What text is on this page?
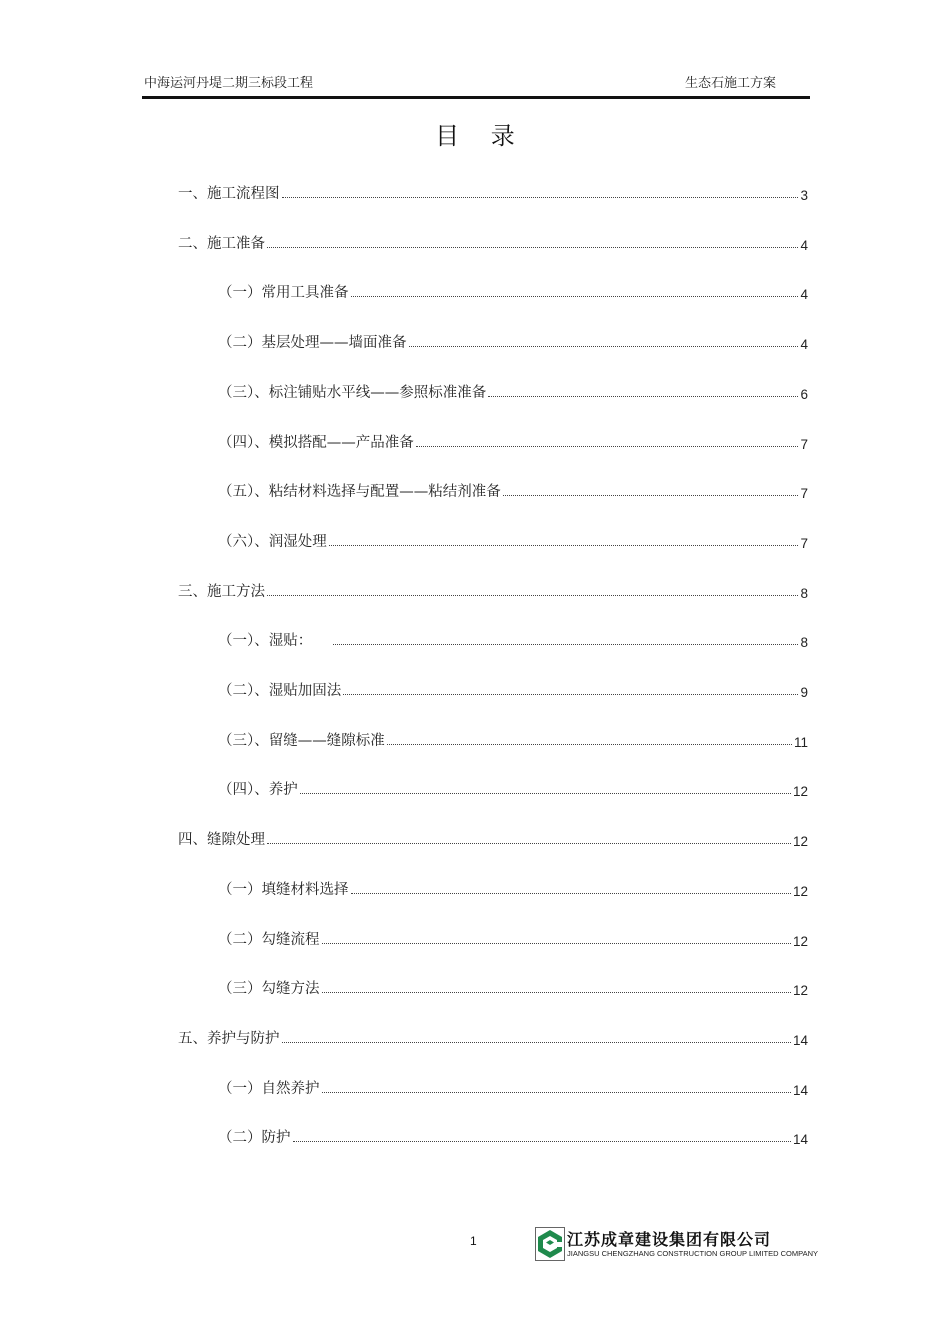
中海运河丹堤二期三标段工程	生态石施工方案
目 录
一、施工流程图	3
二、施工准备	4
（一）常用工具准备	4
（二）基层处理——墙面准备	4
（三）、标注铺贴水平线——参照标准准备	6
（四）、模拟搭配——产品准备	7
（五）、粘结材料选择与配置——粘结剂准备	7
（六）、润湿处理	7
三、施工方法	8
（一）、湿贴：	8
（二）、湿贴加固法	9
（三）、留缝——缝隙标准	11
（四）、养护	12
四、缝隙处理	12
（一）填缝材料选择	12
（二）勾缝流程	12
（三）勾缝方法	12
五、养护与防护	14
（一）自然养护	14
（二）防护	14
1	江苏成章建设集团有限公司
JIANGSU CHENGZHANG CONSTRUCTION GROUP LIMITED COMPANY
